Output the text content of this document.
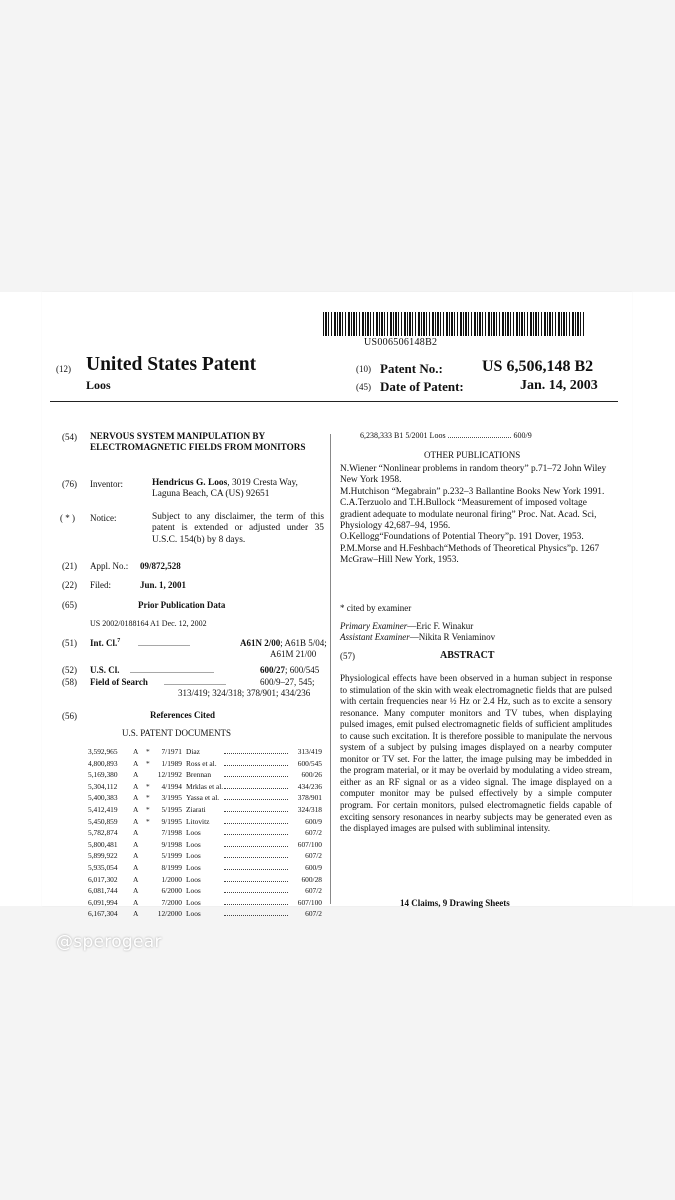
US006506148B2
(12) United States Patent
Loos
(10) Patent No.: US 6,506,148 B2
(45) Date of Patent:	Jan. 14, 2003
(54) NERVOUS SYSTEM MANIPULATION BY ELECTROMAGNETIC FIELDS FROM MONITORS
(76) Inventor:	Hendricus G. Loos, 3019 Cresta Way, Laguna Beach, CA (US) 92651
( * ) Notice:	Subject to any disclaimer, the term of this patent is extended or adjusted under 35 U.S.C. 154(b) by 8 days.
(21) Appl. No.: 09/872,528
(22) Filed:	Jun. 1, 2001
(65)	Prior Publication Data
US 2002/0188164 A1 Dec. 12, 2002
(51) Int. Cl.$^7$ ..........................	A61N 2/00; A61B 5/04;
A61M 21/00
(52) U.S. Cl. ..........................................	600/27; 600/545
(58) Field of Search ...............................	600/9–27, 545;
313/419; 324/318; 378/901; 434/236
(56)	References Cited
U.S. PATENT DOCUMENTS
3,592,965 A *	7/1971 Diaz	313/419
4,800,893 A *	1/1989 Ross et al.	600/545
5,169,380 A	12/1992 Brennan	600/26
5,304,112 A *	4/1994 Mrklas et al.	434/236
5,400,383 A *	3/1995 Yassa et al.	378/901
5,412,419 A *	5/1995 Ziarati	324/318
5,450,859 A *	9/1995 Litovitz	600/9
5,782,874 A	7/1998 Loos	607/2
5,800,481 A	9/1998 Loos	607/100
5,899,922 A	5/1999 Loos	607/2
5,935,054 A	8/1999 Loos	600/9
6,017,302 A	1/2000 Loos	600/28
6,081,744 A	6/2000 Loos	607/2
6,091,994 A	7/2000 Loos	607/100
6,167,304 A	12/2000 Loos	607/2
6,238,333 B1 5/2001 Loos ................................ 600/9
OTHER PUBLICATIONS
N.Wiener “Nonlinear problems in random theory” p.71–72 John Wiley New York 1958.
M.Hutchison “Megabrain” p.232–3 Ballantine Books New York 1991.
C.A.Terzuolo and T.H.Bullock “Measurement of imposed voltage gradient adequate to modulate neuronal firing” Proc. Nat. Acad. Sci, Physiology 42,687–94, 1956.
O.Kellogg“Foundations of Potential Theory”p. 191 Dover, 1953.
P.M.Morse and H.Feshbach“Methods of Theoretical Physics”p. 1267 McGraw–Hill New York, 1953.
* cited by examiner
Primary Examiner—Eric F. Winakur
Assistant Examiner—Nikita R Veniaminov
(57)	ABSTRACT
Physiological effects have been observed in a human subject in response to stimulation of the skin with weak electromagnetic fields that are pulsed with certain frequencies near ½ Hz or 2.4 Hz, such as to excite a sensory resonance. Many computer monitors and TV tubes, when displaying pulsed images, emit pulsed electromagnetic fields of sufficient amplitudes to cause such excitation. It is therefore possible to manipulate the nervous system of a subject by pulsing images displayed on a nearby computer monitor or TV set. For the latter, the image pulsing may be imbedded in the program material, or it may be overlaid by modulating a video stream, either as an RF signal or as a video signal. The image displayed on a computer monitor may be pulsed effectively by a simple computer program. For certain monitors, pulsed electromagnetic fields capable of exciting sensory resonances in nearby subjects may be generated even as the displayed images are pulsed with subliminal intensity.
14 Claims, 9 Drawing Sheets
@sperogear
